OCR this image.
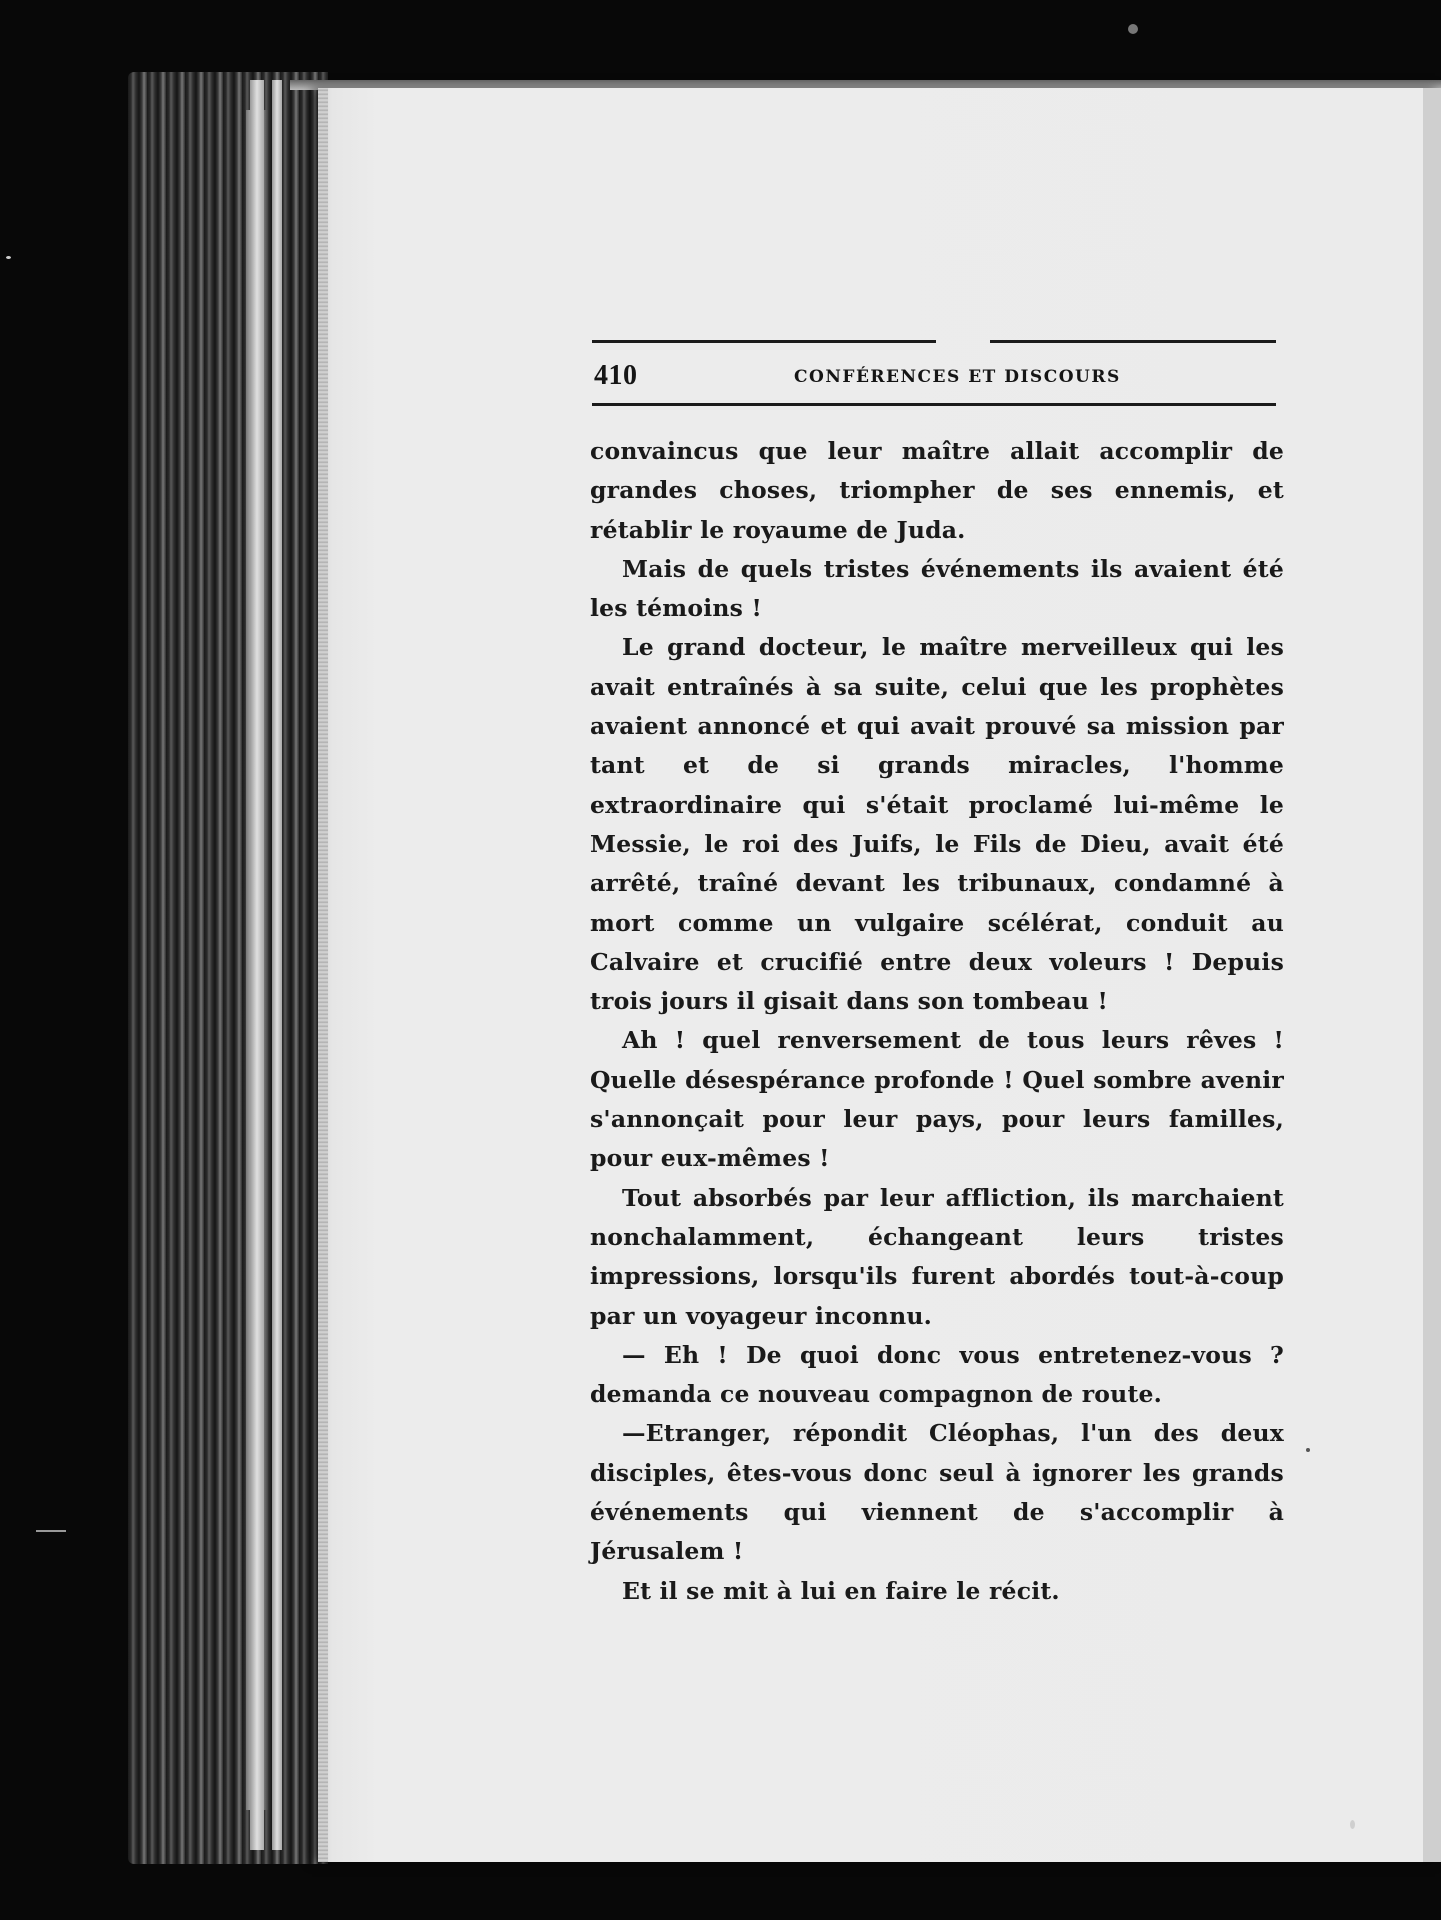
410	CONFÉRENCES ET DISCOURS

convaincus que leur maître allait accomplir de grandes choses, triompher de ses ennemis, et rétablir le royaume de Juda.

Mais de quels tristes événements ils avaient été les témoins !

Le grand docteur, le maître merveilleux qui les avait entraînés à sa suite, celui que les prophètes avaient annoncé et qui avait prouvé sa mission par tant et de si grands miracles, l'homme extraordinaire qui s'était proclamé lui-même le Messie, le roi des Juifs, le Fils de Dieu, avait été arrêté, traîné devant les tribunaux, condamné à mort comme un vulgaire scélérat, conduit au Calvaire et crucifié entre deux voleurs ! Depuis trois jours il gisait dans son tombeau !

Ah ! quel renversement de tous leurs rêves ! Quelle désespérance profonde ! Quel sombre avenir s'annonçait pour leur pays, pour leurs familles, pour eux-mêmes !

Tout absorbés par leur affliction, ils marchaient nonchalamment, échangeant leurs tristes impressions, lorsqu'ils furent abordés tout-à-coup par un voyageur inconnu.

— Eh ! De quoi donc vous entretenez-vous ? demanda ce nouveau compagnon de route.

—Etranger, répondit Cléophas, l'un des deux disciples, êtes-vous donc seul à ignorer les grands événements qui viennent de s'accomplir à Jérusalem !

Et il se mit à lui en faire le récit.
